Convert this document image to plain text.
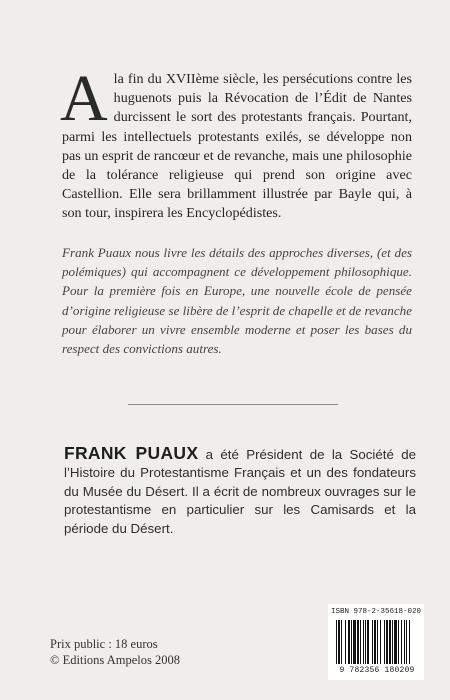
Ala fin du XVIIème siècle, les persécutions contre les huguenots puis la Révocation de l’Édit de Nantes durcissent le sort des protestants français. Pourtant, parmi les intellectuels protestants exilés, se développe non pas un esprit de rancœur et de revanche, mais une philosophie de la tolérance religieuse qui prend son origine avec Castellion. Elle sera brillamment illustrée par Bayle qui, à son tour, inspirera les Encyclopédistes.
Frank Puaux nous livre les détails des approches diverses, (et des polémiques) qui accompagnent ce développement philosophique. Pour la première fois en Europe, une nouvelle école de pensée d’origine religieuse se libère de l’esprit de chapelle et de revanche pour élaborer un vivre ensemble moderne et poser les bases du respect des convictions autres.
FRANK PUAUX a été Président de la Société de l’Histoire du Protestantisme Français et un des fondateurs du Musée du Désert. Il a écrit de nombreux ouvrages sur le protestantisme en particulier sur les Camisards et la période du Désert.
ISBN 978-2-35618-020
9 782356 180209
Prix public : 18 euros
© Editions Ampelos 2008
